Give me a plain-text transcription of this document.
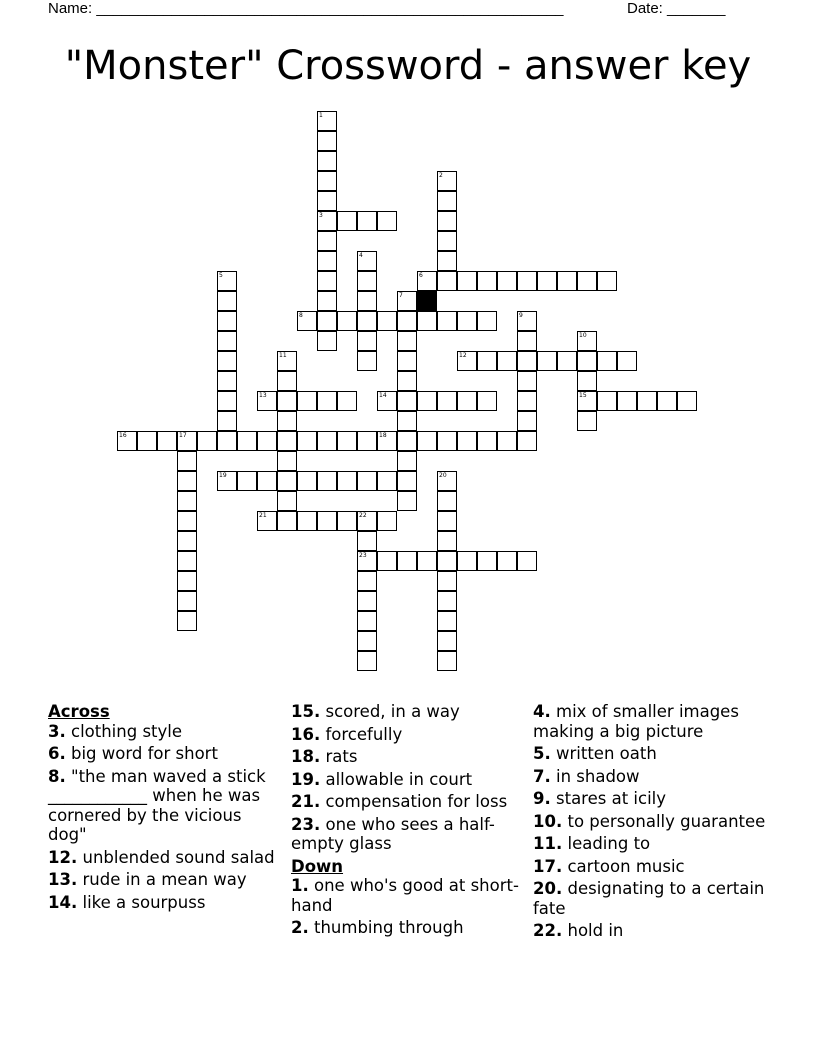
Name: ________________________________________________________	Date: _______
"Monster" Crossword - answer key
1
3
2
4
5	6
7
8	9
10
15
11	12
13	14
16	17	18
19	20
21	22
23
Across
3. clothing style
6. big word for short
8. "the man waved a stick ____________ when he was cornered by the vicious dog"
12. unblended sound salad
13. rude in a mean way
14. like a sourpuss
15. scored, in a way
16. forcefully
18. rats
19. allowable in court
21. compensation for loss
23. one who sees a half-empty glass
Down
1. one who's good at short-hand
2. thumbing through
4. mix of smaller images making a big picture
5. written oath
7. in shadow
9. stares at icily
10. to personally guarantee
11. leading to
17. cartoon music
20. designating to a certain fate
22. hold in
